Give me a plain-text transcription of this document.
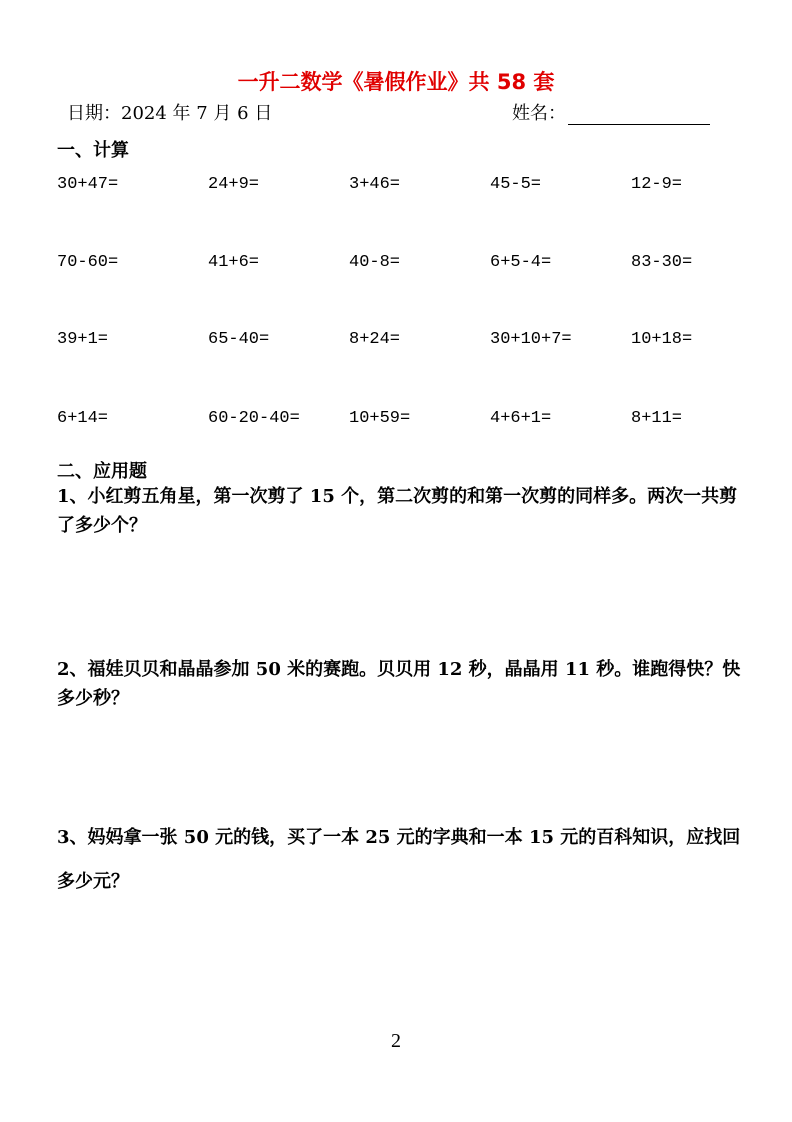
一升二数学《暑假作业》共 58 套
日期：2024 年 7 月 6 日	姓名：
一、计算
30+47=	24+9=	3+46=	45-5=	12-9=
70-60=	41+6=	40-8=	6+5-4=	83-30=
39+1=	65-40=	8+24=	30+10+7=	10+18=
6+14=	60-20-40=	10+59=	4+6+1=	8+11=
二、应用题
1、小红剪五角星，第一次剪了 15 个，第二次剪的和第一次剪的同样多。两次一共剪了多少个？
2、福娃贝贝和晶晶参加 50 米的赛跑。贝贝用 12 秒，晶晶用 11 秒。谁跑得快？快多少秒？
3、妈妈拿一张 50 元的钱，买了一本 25 元的字典和一本 15 元的百科知识，应找回多少元？
2
